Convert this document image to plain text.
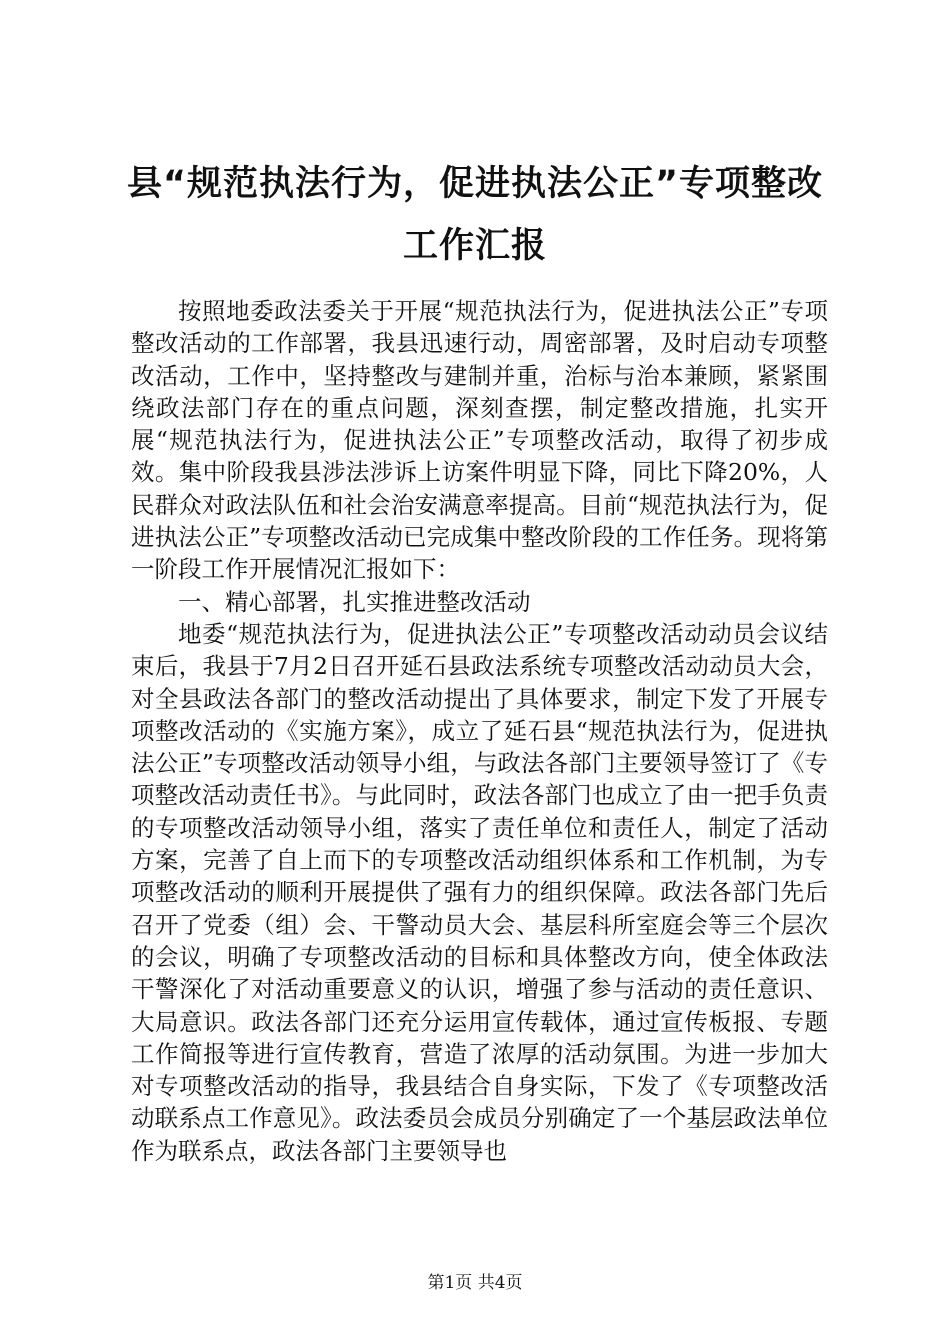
县“规范执法行为，促进执法公正”专项整改
工作汇报

按照地委政法委关于开展“规范执法行为，促进执法公正”专项整改活动的工作部署，我县迅速行动，周密部署，及时启动专项整改活动，工作中，坚持整改与建制并重，治标与治本兼顾，紧紧围绕政法部门存在的重点问题，深刻查摆，制定整改措施，扎实开展“规范执法行为，促进执法公正”专项整改活动，取得了初步成效。集中阶段我县涉法涉诉上访案件明显下降，同比下降20%，人民群众对政法队伍和社会治安满意率提高。目前“规范执法行为，促进执法公正”专项整改活动已完成集中整改阶段的工作任务。现将第一阶段工作开展情况汇报如下：

一、精心部署，扎实推进整改活动

地委“规范执法行为，促进执法公正”专项整改活动动员会议结束后，我县于7月2日召开延石县政法系统专项整改活动动员大会，对全县政法各部门的整改活动提出了具体要求，制定下发了开展专项整改活动的《实施方案》，成立了延石县“规范执法行为，促进执法公正”专项整改活动领导小组，与政法各部门主要领导签订了《专项整改活动责任书》。与此同时，政法各部门也成立了由一把手负责的专项整改活动领导小组，落实了责任单位和责任人，制定了活动方案，完善了自上而下的专项整改活动组织体系和工作机制，为专项整改活动的顺利开展提供了强有力的组织保障。政法各部门先后召开了党委（组）会、干警动员大会、基层科所室庭会等三个层次的会议，明确了专项整改活动的目标和具体整改方向，使全体政法干警深化了对活动重要意义的认识，增强了参与活动的责任意识、大局意识。政法各部门还充分运用宣传载体，通过宣传板报、专题工作简报等进行宣传教育，营造了浓厚的活动氛围。为进一步加大对专项整改活动的指导，我县结合自身实际，下发了《专项整改活动联系点工作意见》。政法委员会成员分别确定了一个基层政法单位作为联系点，政法各部门主要领导也

第1页 共4页
